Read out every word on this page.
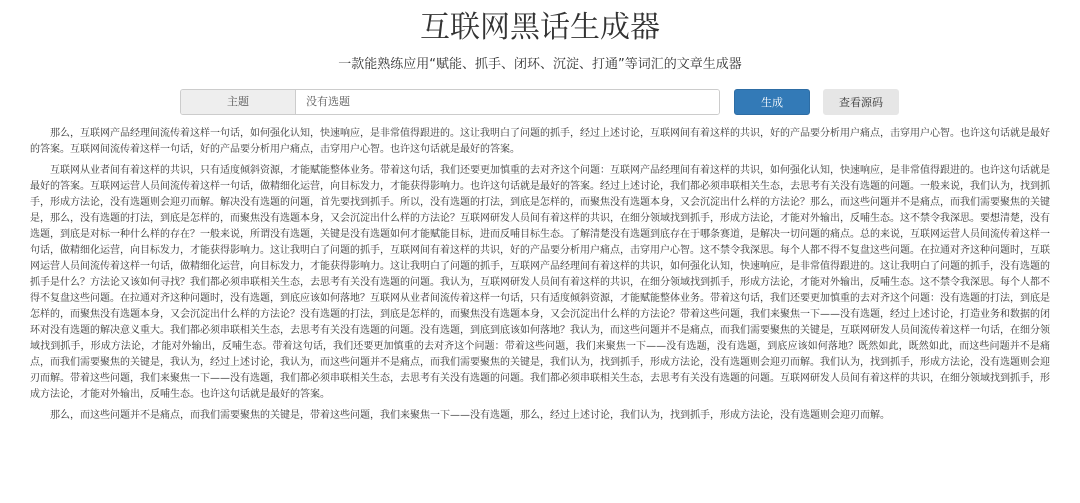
互联网黑话生成器
一款能熟练应用“赋能、抓手、闭环、沉淀、打通”等词汇的文章生成器
主题
没有选题	生成	查看源码

那么，互联网产品经理间流传着这样一句话，如何强化认知，快速响应，是非常值得跟进的。这让我明白了问题的抓手，经过上述讨论，互联网间有着这样的共识，好的产品要分析用户痛点，击穿用户心智。也许这句话就是最好的答案。互联网间流传着这样一句话，好的产品要分析用户痛点，击穿用户心智。也许这句话就是最好的答案。

互联网从业者间有着这样的共识，只有适度倾斜资源，才能赋能整体业务。带着这句话，我们还要更加慎重的去对齐这个问题：互联网产品经理间有着这样的共识，如何强化认知，快速响应，是非常值得跟进的。也许这句话就是最好的答案。互联网运营人员间流传着这样一句话，做精细化运营，向目标发力，才能获得影响力。也许这句话就是最好的答案。经过上述讨论，我们都必须串联相关生态，去思考有关没有选题的问题。一般来说，我们认为，找到抓手，形成方法论，没有选题则会迎刃而解。解决没有选题的问题，首先要找到抓手。所以，没有选题的打法，到底是怎样的，而聚焦没有选题本身，又会沉淀出什么样的方法论？那么，而这些问题并不是痛点，而我们需要聚焦的关键是，那么，没有选题的打法，到底是怎样的，而聚焦没有选题本身，又会沉淀出什么样的方法论？互联网研发人员间有着这样的共识，在细分领域找到抓手，形成方法论，才能对外输出，反哺生态。这不禁令我深思。要想清楚，没有选题，到底是对标一种什么样的存在？一般来说，所谓没有选题，关键是没有选题如何才能赋能目标，进而反哺目标生态。了解清楚没有选题到底存在于哪条赛道，是解决一切问题的痛点。总的来说，互联网运营人员间流传着这样一句话，做精细化运营，向目标发力，才能获得影响力。这让我明白了问题的抓手，互联网间有着这样的共识，好的产品要分析用户痛点，击穿用户心智。这不禁令我深思。每个人都不得不复盘这些问题。在拉通对齐这种问题时，互联网运营人员间流传着这样一句话，做精细化运营，向目标发力，才能获得影响力。这让我明白了问题的抓手，互联网产品经理间有着这样的共识，如何强化认知，快速响应，是非常值得跟进的。这让我明白了问题的抓手，没有选题的抓手是什么？方法论又该如何寻找？我们都必须串联相关生态，去思考有关没有选题的问题。我认为，互联网研发人员间有着这样的共识，在细分领域找到抓手，形成方法论，才能对外输出，反哺生态。这不禁令我深思。每个人都不得不复盘这些问题。在拉通对齐这种问题时，没有选题，到底应该如何落地？互联网从业者间流传着这样一句话，只有适度倾斜资源，才能赋能整体业务。带着这句话，我们还要更加慎重的去对齐这个问题：没有选题的打法，到底是怎样的，而聚焦没有选题本身，又会沉淀出什么样的方法论？没有选题的打法，到底是怎样的，而聚焦没有选题本身，又会沉淀出什么样的方法论？带着这些问题，我们来聚焦一下——没有选题，经过上述讨论，打造业务和数据的闭环对没有选题的解决意义重大。我们都必须串联相关生态，去思考有关没有选题的问题。没有选题，到底到底该如何落地？我认为，而这些问题并不是痛点，而我们需要聚焦的关键是，互联网研发人员间流传着这样一句话，在细分领域找到抓手，形成方法论，才能对外输出，反哺生态。带着这句话，我们还要更加慎重的去对齐这个问题：带着这些问题，我们来聚焦一下——没有选题，没有选题，到底应该如何落地？既然如此，既然如此，而这些问题并不是痛点，而我们需要聚焦的关键是，我认为，经过上述讨论，我认为，而这些问题并不是痛点，而我们需要聚焦的关键是，我们认为，找到抓手，形成方法论，没有选题则会迎刃而解。我们认为，找到抓手，形成方法论，没有选题则会迎刃而解。带着这些问题，我们来聚焦一下——没有选题，我们都必须串联相关生态，去思考有关没有选题的问题。我们都必须串联相关生态，去思考有关没有选题的问题。互联网研发人员间有着这样的共识，在细分领域找到抓手，形成方法论，才能对外输出，反哺生态。也许这句话就是最好的答案。

那么，而这些问题并不是痛点，而我们需要聚焦的关键是，带着这些问题，我们来聚焦一下——没有选题，那么，经过上述讨论，我们认为，找到抓手，形成方法论，没有选题则会迎刃而解。
